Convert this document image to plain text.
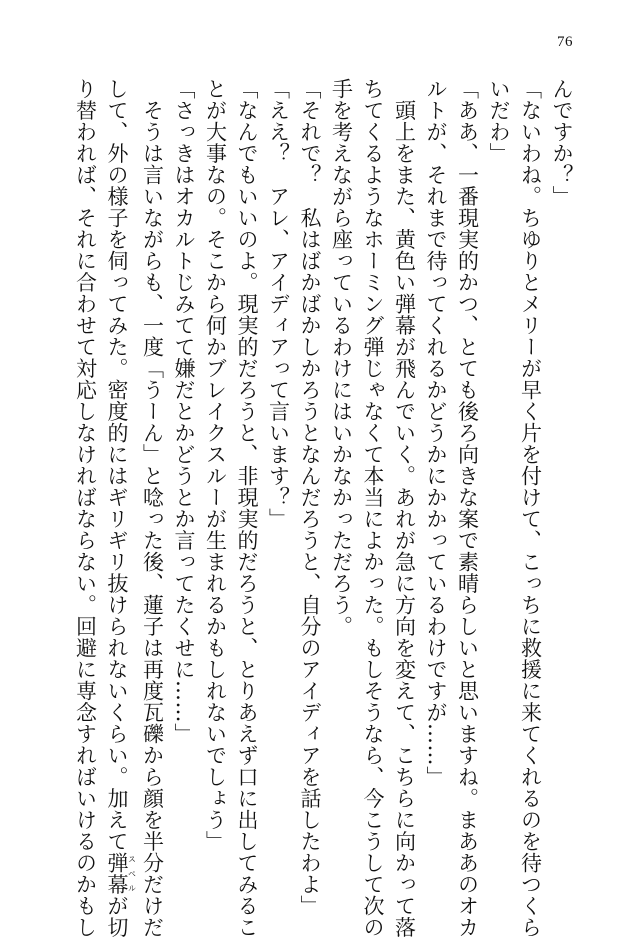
76
んですか？」
「ないわね。ちゆりとメリーが早く片を付けて、こっちに救援に来てくれるのを待つくら
いだわ」
「ああ、一番現実的かつ、とても後ろ向きな案で素晴らしいと思いますね。まああのオカ
ルトが、それまで待ってくれるかどうかにかかっているわけですが……」
　頭上をまた、黄色い弾幕が飛んでいく。あれが急に方向を変えて、こちらに向かって落
ちてくるようなホーミング弾じゃなくて本当によかった。もしそうなら、今こうして次の
手を考えながら座っているわけにはいかなかっただろう。
「それで？　私はばかばかしかろうとなんだろうと、自分のアイディアを話したわよ」
「ええ？　アレ、アイディアって言います？」
「なんでもいいのよ。現実的だろうと、非現実的だろうと、とりあえず口に出してみるこ
とが大事なの。そこから何かブレイクスルーが生まれるかもしれないでしょう」
「さっきはオカルトじみてて嫌だとかどうとか言ってたくせに……」
　そうは言いながらも、一度「うーん」と唸った後、蓮子は再度瓦礫から顔を半分だけだ
して、外の様子を伺ってみた。密度的にはギリギリ抜けられないくらい。加えて弾幕スペルが切
り替われば、それに合わせて対応しなければならない。回避に専念すればいけるのかもし
